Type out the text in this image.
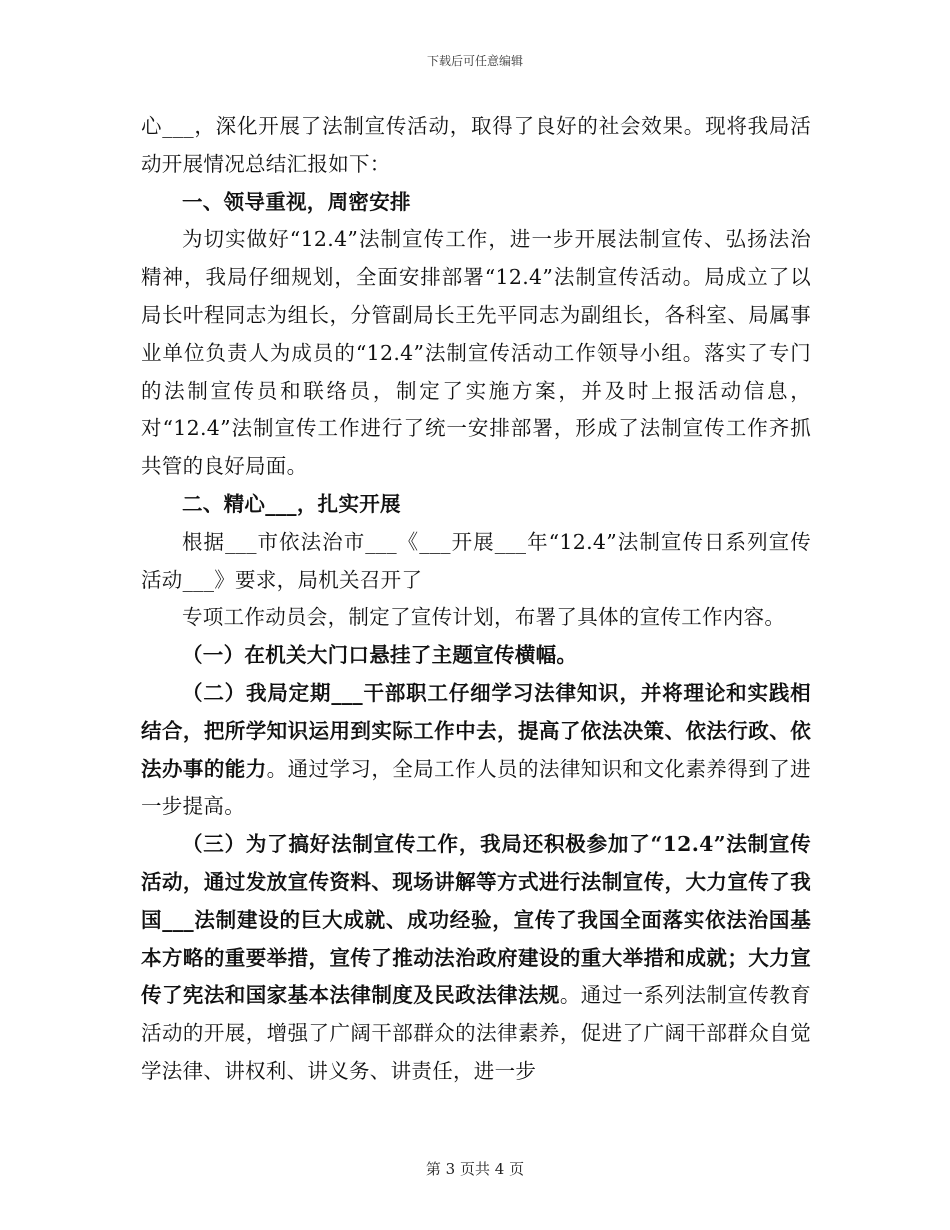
下载后可任意编辑

心___，深化开展了法制宣传活动，取得了良好的社会效果。现将我局活动开展情况总结汇报如下：

一、领导重视，周密安排

为切实做好“12.4”法制宣传工作，进一步开展法制宣传、弘扬法治精神，我局仔细规划，全面安排部署“12.4”法制宣传活动。局成立了以局长叶程同志为组长，分管副局长王先平同志为副组长，各科室、局属事业单位负责人为成员的“12.4”法制宣传活动工作领导小组。落实了专门的法制宣传员和联络员，制定了实施方案，并及时上报活动信息，对“12.4”法制宣传工作进行了统一安排部署，形成了法制宣传工作齐抓共管的良好局面。

二、精心___，扎实开展

根据___市依法治市___《___开展___年“12.4”法制宣传日系列宣传活动___》要求，局机关召开了

专项工作动员会，制定了宣传计划，布署了具体的宣传工作内容。

（一）在机关大门口悬挂了主题宣传横幅。

（二）我局定期___干部职工仔细学习法律知识，并将理论和实践相结合，把所学知识运用到实际工作中去，提高了依法决策、依法行政、依法办事的能力。通过学习，全局工作人员的法律知识和文化素养得到了进一步提高。

（三）为了搞好法制宣传工作，我局还积极参加了“12.4”法制宣传活动，通过发放宣传资料、现场讲解等方式进行法制宣传，大力宣传了我国___法制建设的巨大成就、成功经验，宣传了我国全面落实依法治国基本方略的重要举措，宣传了推动法治政府建设的重大举措和成就；大力宣传了宪法和国家基本法律制度及民政法律法规。通过一系列法制宣传教育活动的开展，增强了广阔干部群众的法律素养，促进了广阔干部群众自觉学法律、讲权利、讲义务、讲责任，进一步

第 3 页共 4 页
